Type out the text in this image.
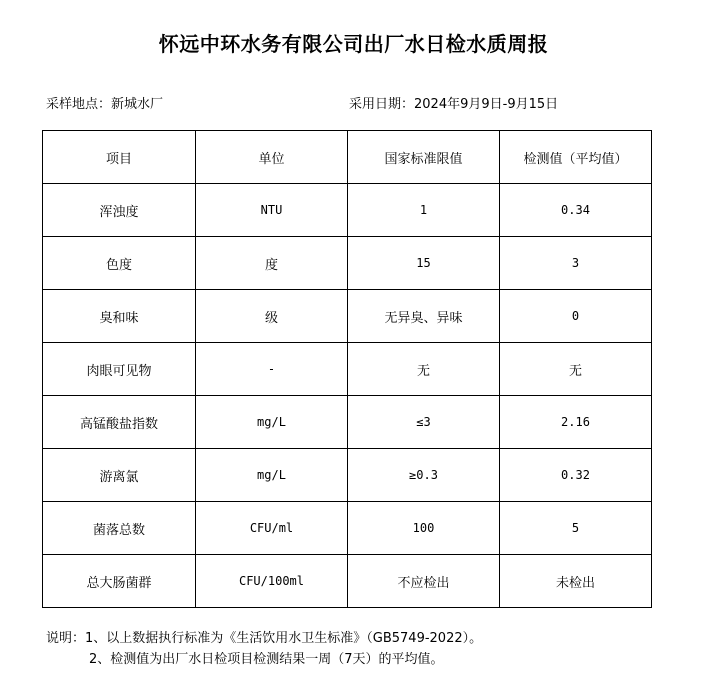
怀远中环水务有限公司出厂水日检水质周报
采样地点：新城水厂	采用日期：2024年9月9日-9月15日
项目	单位	国家标准限值	检测值（平均值）
浑浊度	NTU	1	0.34
色度	度	15	3
臭和味	级	无异臭、异味	0
肉眼可见物	-	无	无
高锰酸盐指数	mg/L	≤3	2.16
游离氯	mg/L	≥0.3	0.32
菌落总数	CFU/ml	100	5
总大肠菌群	CFU/100ml	不应检出	未检出
说明：1、以上数据执行标准为《生活饮用水卫生标准》（GB5749-2022）。
2、检测值为出厂水日检项目检测结果一周（7天）的平均值。
